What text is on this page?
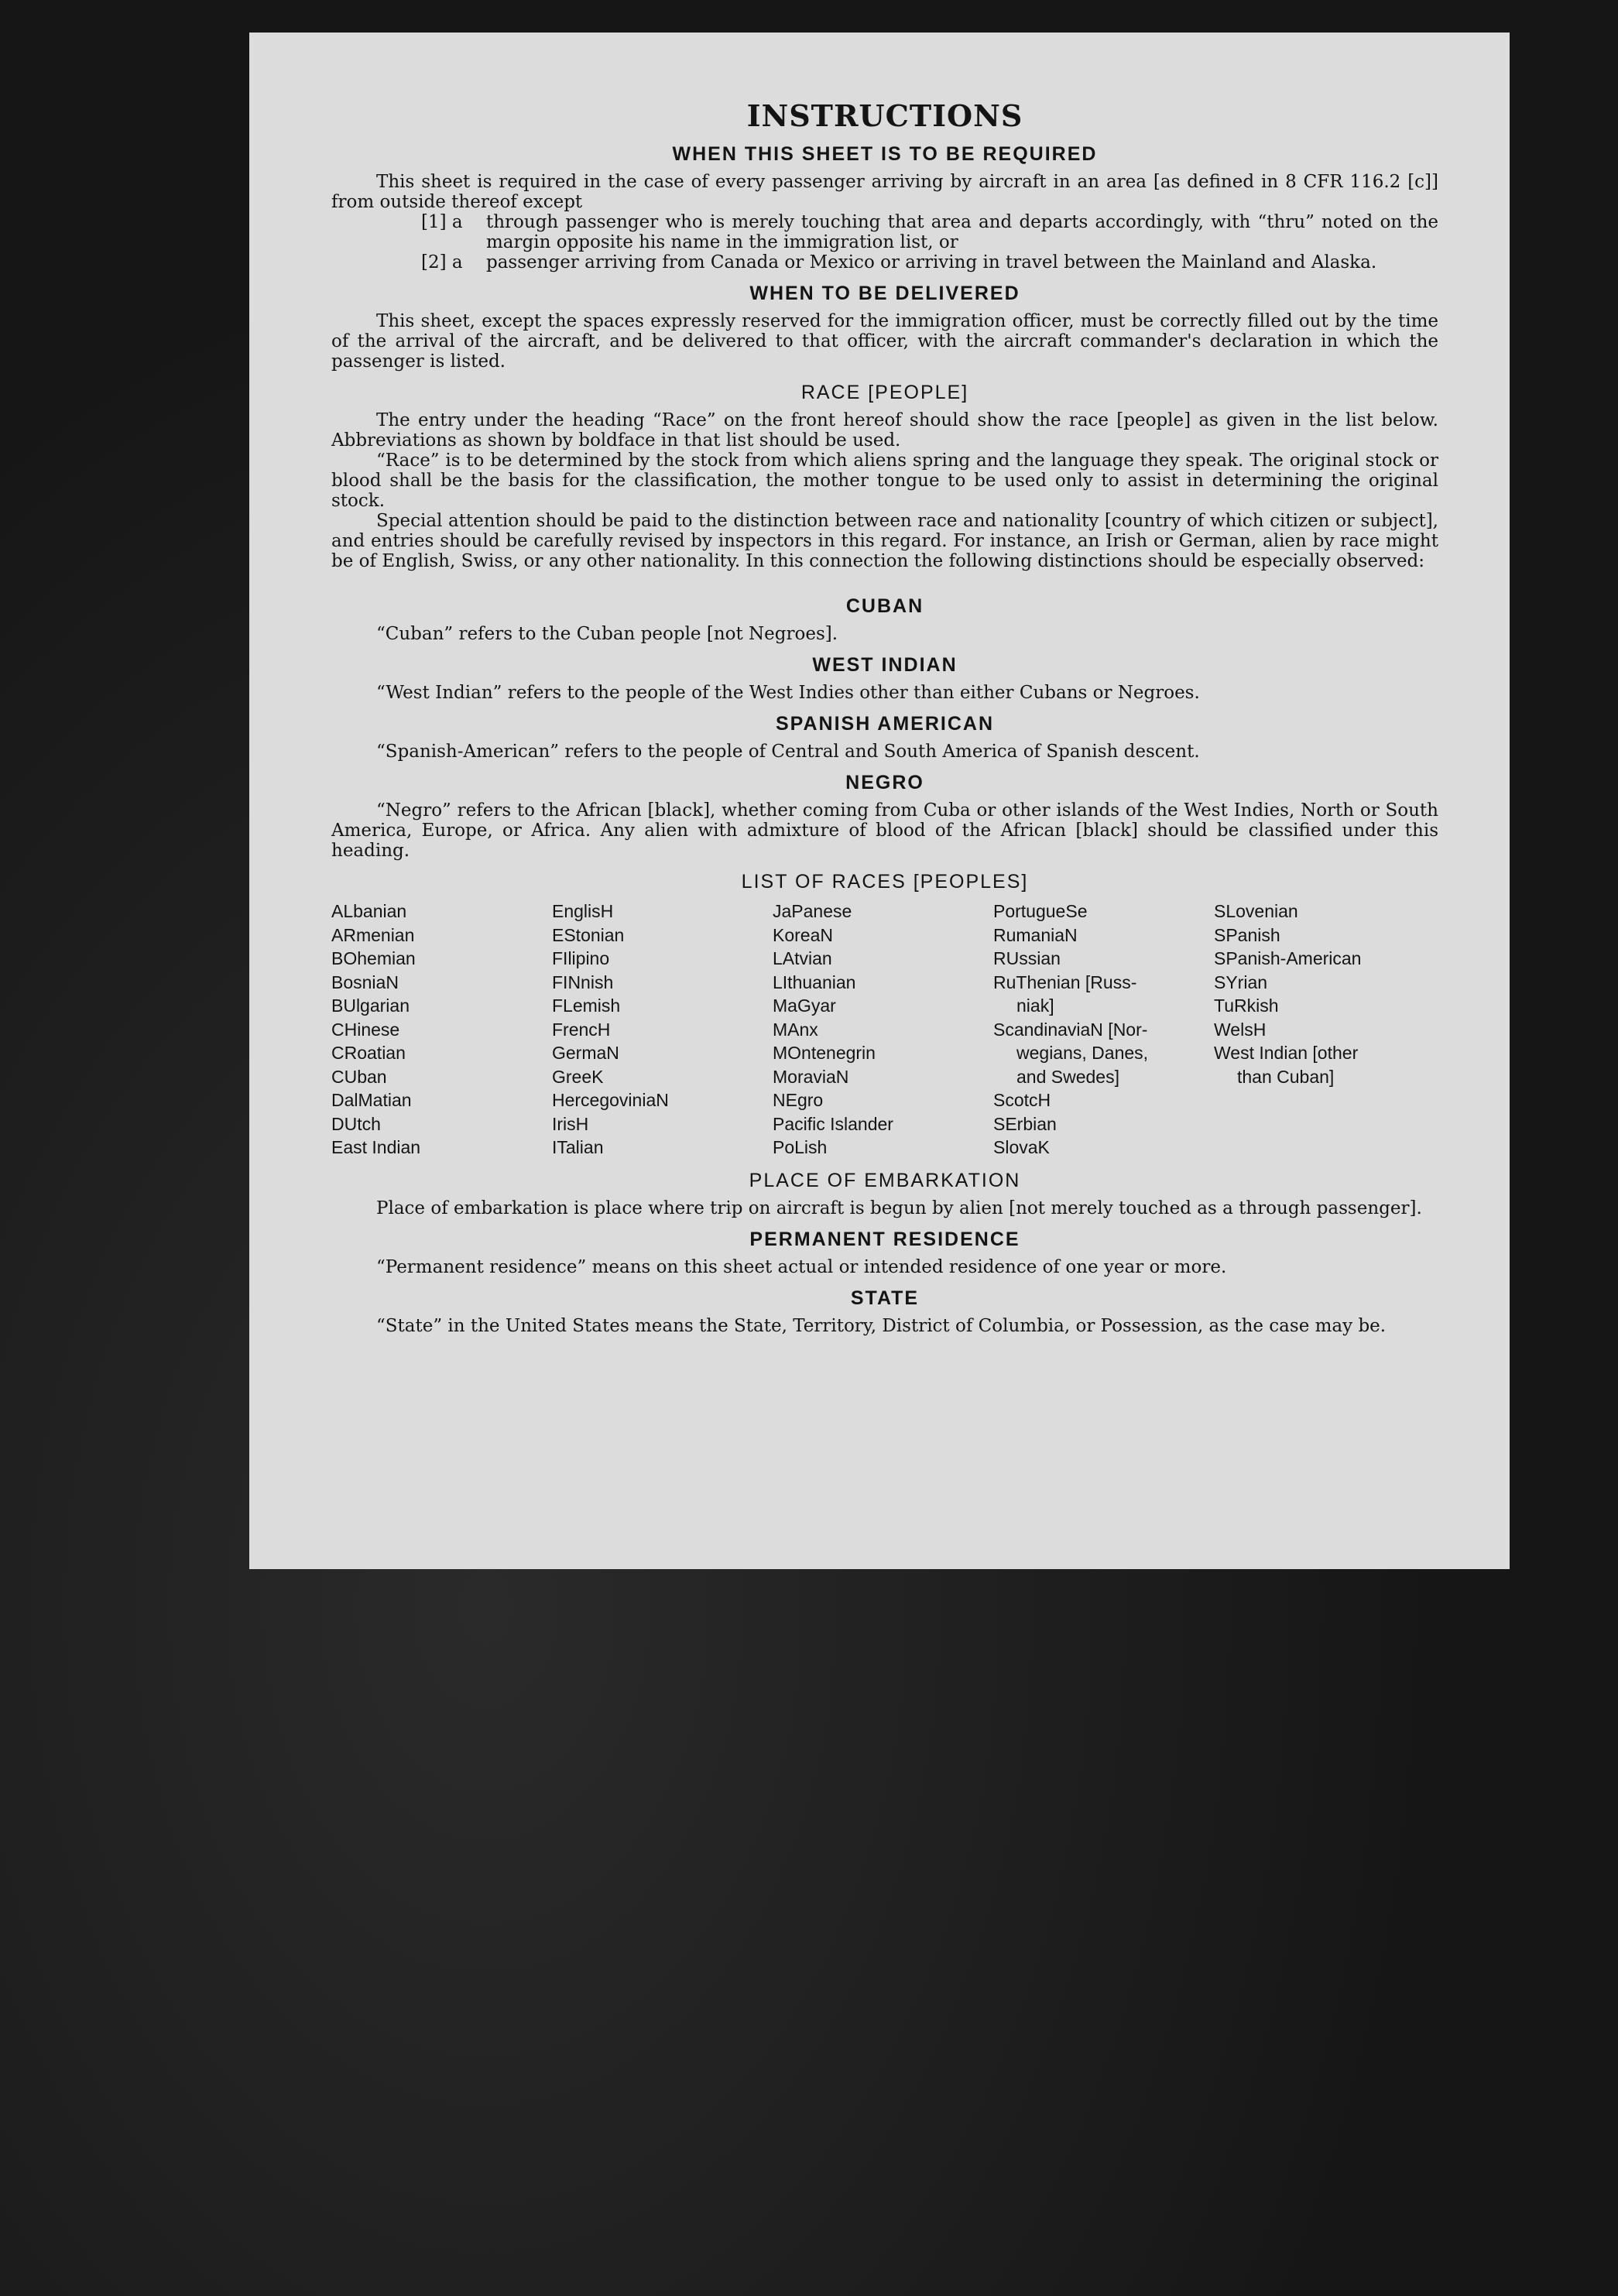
INSTRUCTIONS
WHEN THIS SHEET IS TO BE REQUIRED

This sheet is required in the case of every passenger arriving by aircraft in an area [as defined in 8 CFR 116.2 [c]] from outside thereof except

[1] a	through passenger who is merely touching that area and departs accordingly, with “thru” noted on the margin opposite his name in the immigration list, or
[2] a	passenger arriving from Canada or Mexico or arriving in travel between the Mainland and Alaska.
WHEN TO BE DELIVERED

This sheet, except the spaces expressly reserved for the immigration officer, must be correctly filled out by the time of the arrival of the aircraft, and be delivered to that officer, with the aircraft commander's declaration in which the passenger is listed.

RACE [PEOPLE]

The entry under the heading “Race” on the front hereof should show the race [people] as given in the list below. Abbreviations as shown by boldface in that list should be used.

“Race” is to be determined by the stock from which aliens spring and the language they speak. The original stock or blood shall be the basis for the classification, the mother tongue to be used only to assist in determining the original stock.

Special attention should be paid to the distinction between race and nationality [country of which citizen or subject], and entries should be carefully revised by inspectors in this regard. For instance, an Irish or German, alien by race might be of English, Swiss, or any other nationality. In this connection the following distinctions should be especially observed:

CUBAN

“Cuban” refers to the Cuban people [not Negroes].

WEST INDIAN

“West Indian” refers to the people of the West Indies other than either Cubans or Negroes.

SPANISH AMERICAN

“Spanish-American” refers to the people of Central and South America of Spanish descent.

NEGRO

“Negro” refers to the African [black], whether coming from Cuba or other islands of the West Indies, North or South America, Europe, or Africa. Any alien with admixture of blood of the African [black] should be classified under this heading.

LIST OF RACES [PEOPLES]
ALbanian
ARmenian
BOhemian
BosniaN
BUlgarian
CHinese
CRoatian
CUban
DalMatian
DUtch
East Indian
EnglisH
EStonian
FIlipino
FINnish
FLemish
FrencH
GermaN
GreeK
HercegoviniaN
IrisH
ITalian
JaPanese
KoreaN
LAtvian
LIthuanian
MaGyar
MAnx
MOntenegrin
MoraviaN
NEgro
Pacific Islander
PoLish
PortugueSe
RumaniaN
RUssian
RuThenian [Russ-
niak]
ScandinaviaN [Nor-
wegians, Danes,
and Swedes]
ScotcH
SErbian
SlovaK
SLovenian
SPanish
SPanish-American
SYrian
TuRkish
WelsH
West Indian [other
than Cuban]
PLACE OF EMBARKATION

Place of embarkation is place where trip on aircraft is begun by alien [not merely touched as a through passenger].

PERMANENT RESIDENCE

“Permanent residence” means on this sheet actual or intended residence of one year or more.

STATE

“State” in the United States means the State, Territory, District of Columbia, or Possession, as the case may be.
